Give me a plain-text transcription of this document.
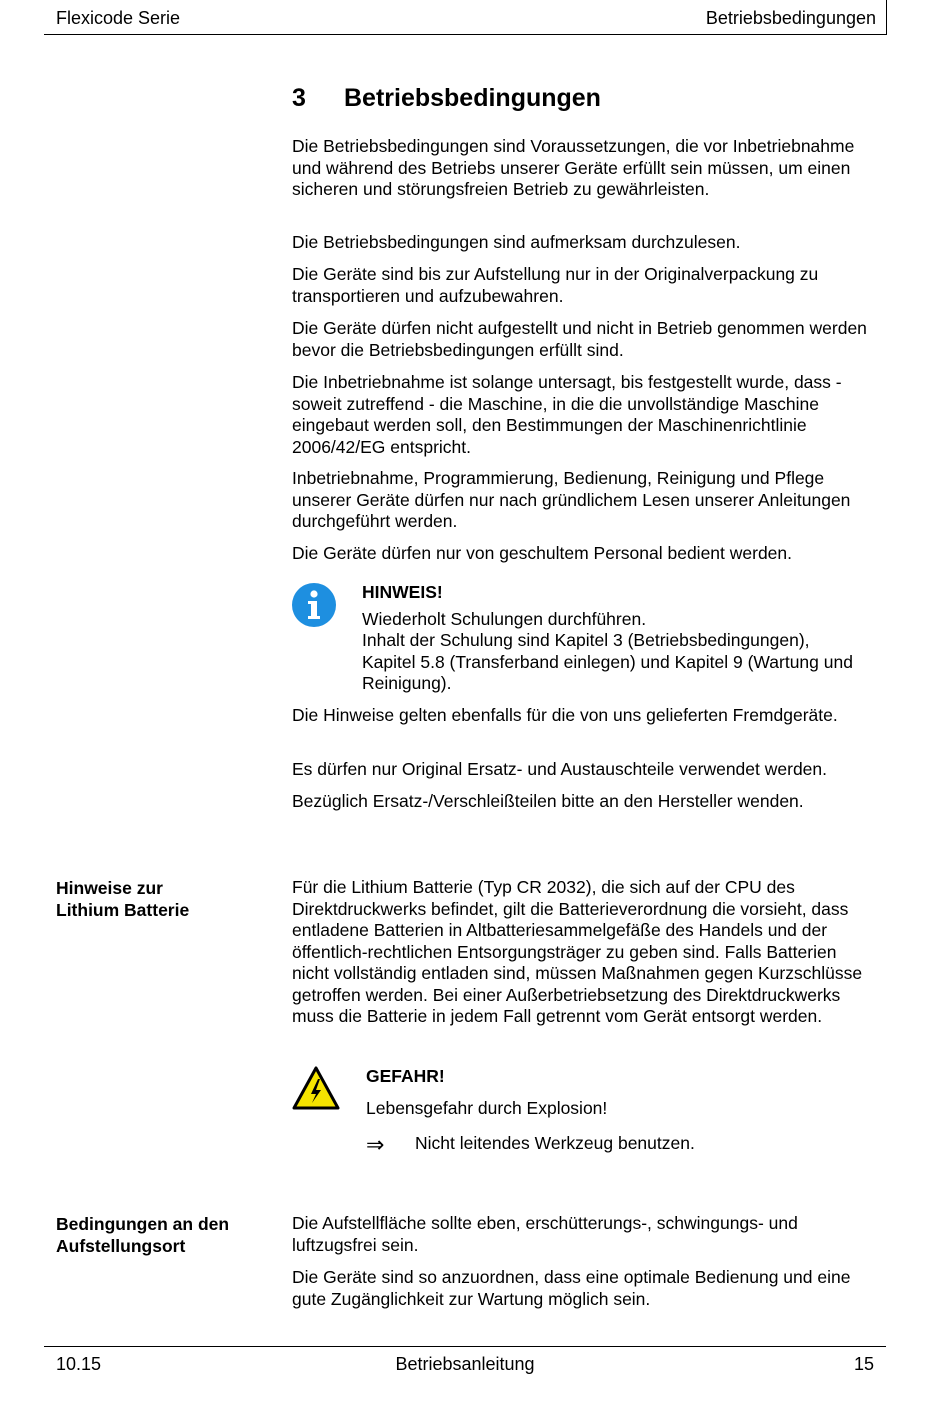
Flexicode Serie	Betriebsbedingungen
3 Betriebsbedingungen
Die Betriebsbedingungen sind Voraussetzungen, die vor Inbetriebnahme und während des Betriebs unserer Geräte erfüllt sein müssen, um einen sicheren und störungsfreien Betrieb zu gewährleisten.
Die Betriebsbedingungen sind aufmerksam durchzulesen.
Die Geräte sind bis zur Aufstellung nur in der Originalverpackung zu transportieren und aufzubewahren.
Die Geräte dürfen nicht aufgestellt und nicht in Betrieb genommen werden bevor die Betriebsbedingungen erfüllt sind.
Die Inbetriebnahme ist solange untersagt, bis festgestellt wurde, dass - soweit zutreffend - die Maschine, in die die unvollständige Maschine eingebaut werden soll, den Bestimmungen der Maschinenrichtlinie 2006/42/EG entspricht.
Inbetriebnahme, Programmierung, Bedienung, Reinigung und Pflege unserer Geräte dürfen nur nach gründlichem Lesen unserer Anleitungen durchgeführt werden.
Die Geräte dürfen nur von geschultem Personal bedient werden.
HINWEIS!
Wiederholt Schulungen durchführen.
Inhalt der Schulung sind Kapitel 3 (Betriebsbedingungen), Kapitel 5.8 (Transferband einlegen) und Kapitel 9 (Wartung und Reinigung).
Die Hinweise gelten ebenfalls für die von uns gelieferten Fremdgeräte.
Es dürfen nur Original Ersatz- und Austauschteile verwendet werden.
Bezüglich Ersatz-/Verschleißteilen bitte an den Hersteller wenden.
Hinweise zur
Lithium Batterie
Für die Lithium Batterie (Typ CR 2032), die sich auf der CPU des Direktdruckwerks befindet, gilt die Batterieverordnung die vorsieht, dass entladene Batterien in Altbatteriesammelgefäße des Handels und der öffentlich-rechtlichen Entsorgungsträger zu geben sind. Falls Batterien nicht vollständig entladen sind, müssen Maßnahmen gegen Kurzschlüsse getroffen werden. Bei einer Außerbetriebsetzung des Direktdruckwerks muss die Batterie in jedem Fall getrennt vom Gerät entsorgt werden.
GEFAHR!
Lebensgefahr durch Explosion!
⇒ Nicht leitendes Werkzeug benutzen.
Bedingungen an den
Aufstellungsort
Die Aufstellfläche sollte eben, erschütterungs-, schwingungs- und luftzugsfrei sein.
Die Geräte sind so anzuordnen, dass eine optimale Bedienung und eine gute Zugänglichkeit zur Wartung möglich sein.
10.15	Betriebsanleitung	15
